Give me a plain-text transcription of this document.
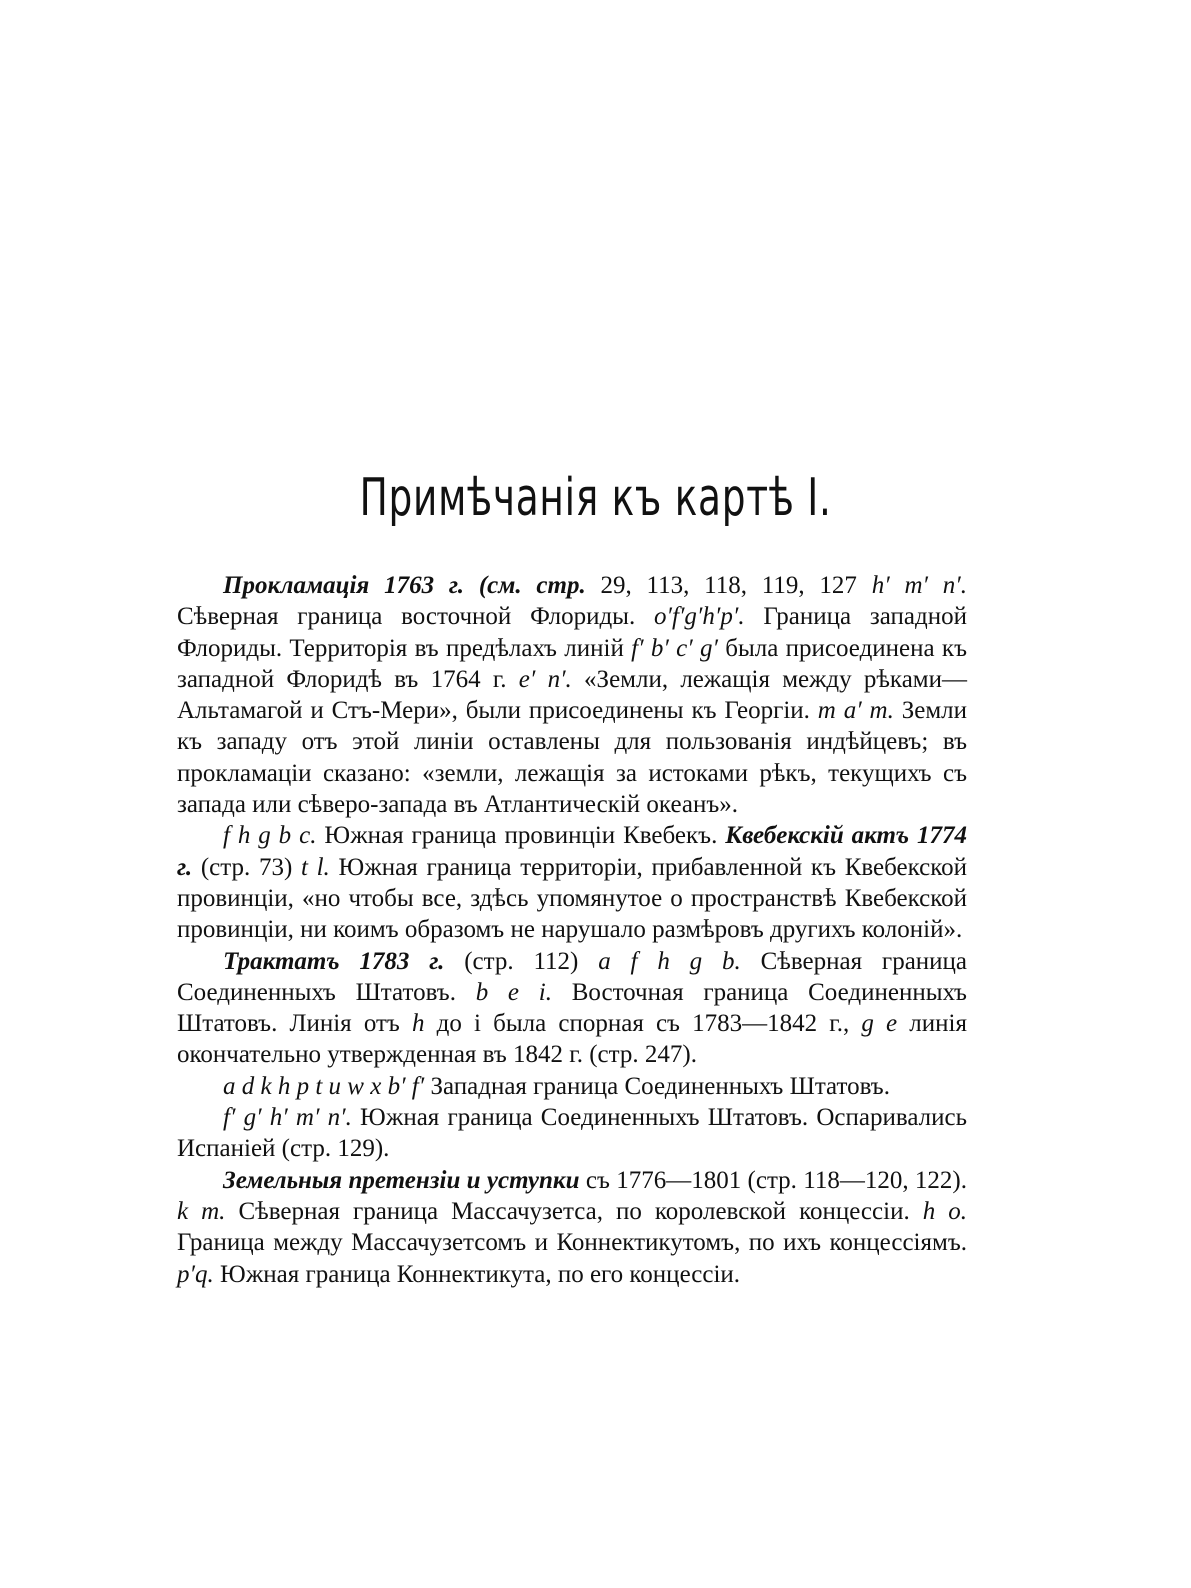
Примѣчанія къ картѣ I.

Прокламація 1763 г. (см. стр. 29, 113, 118, 119, 127 h′ m′ n′. Сѣверная граница восточной Флориды. o′f′g′h′p′. Граница западной Флориды. Территорія въ предѣлахъ линій f′ b′ c′ g′ была присоединена къ западной Флоридѣ въ 1764 г. e′ n′. «Земли, лежащія между рѣками—Альтамагой и Стъ-Мери», были присоединены къ Георгіи. m a′ m. Земли къ западу отъ этой линіи оставлены для пользованія индѣйцевъ; въ прокламаціи сказано: «земли, лежащія за истоками рѣкъ, текущихъ съ запада или сѣверо-запада въ Атлантическій океанъ».

f h g b c. Южная граница провинціи Квебекъ. Квебекскій актъ 1774 г. (стр. 73) t l. Южная граница территоріи, прибавленной къ Квебекской провинціи, «но чтобы все, здѣсь упомянутое о пространствѣ Квебекской провинціи, ни коимъ образомъ не нарушало размѣровъ другихъ колоній».

Трактатъ 1783 г. (стр. 112) a f h g b. Сѣверная граница Соединенныхъ Штатовъ. b e i. Восточная граница Соединенныхъ Штатовъ. Линія отъ h до і была спорная съ 1783—1842 г., g e линія окончательно утвержденная въ 1842 г. (стр. 247).

a d k h p t u w x b′ f′ Западная граница Соединенныхъ Штатовъ.

f′ g′ h′ m′ n′. Южная граница Соединенныхъ Штатовъ. Оспаривались Испаніей (стр. 129).

Земельныя претензіи и уступки съ 1776—1801 (стр. 118—120, 122). k m. Сѣверная граница Массачузетса, по королевской концессіи. h o. Граница между Массачузетсомъ и Коннектикутомъ, по ихъ концессіямъ. p′q. Южная граница Коннектикута, по его концессіи.
